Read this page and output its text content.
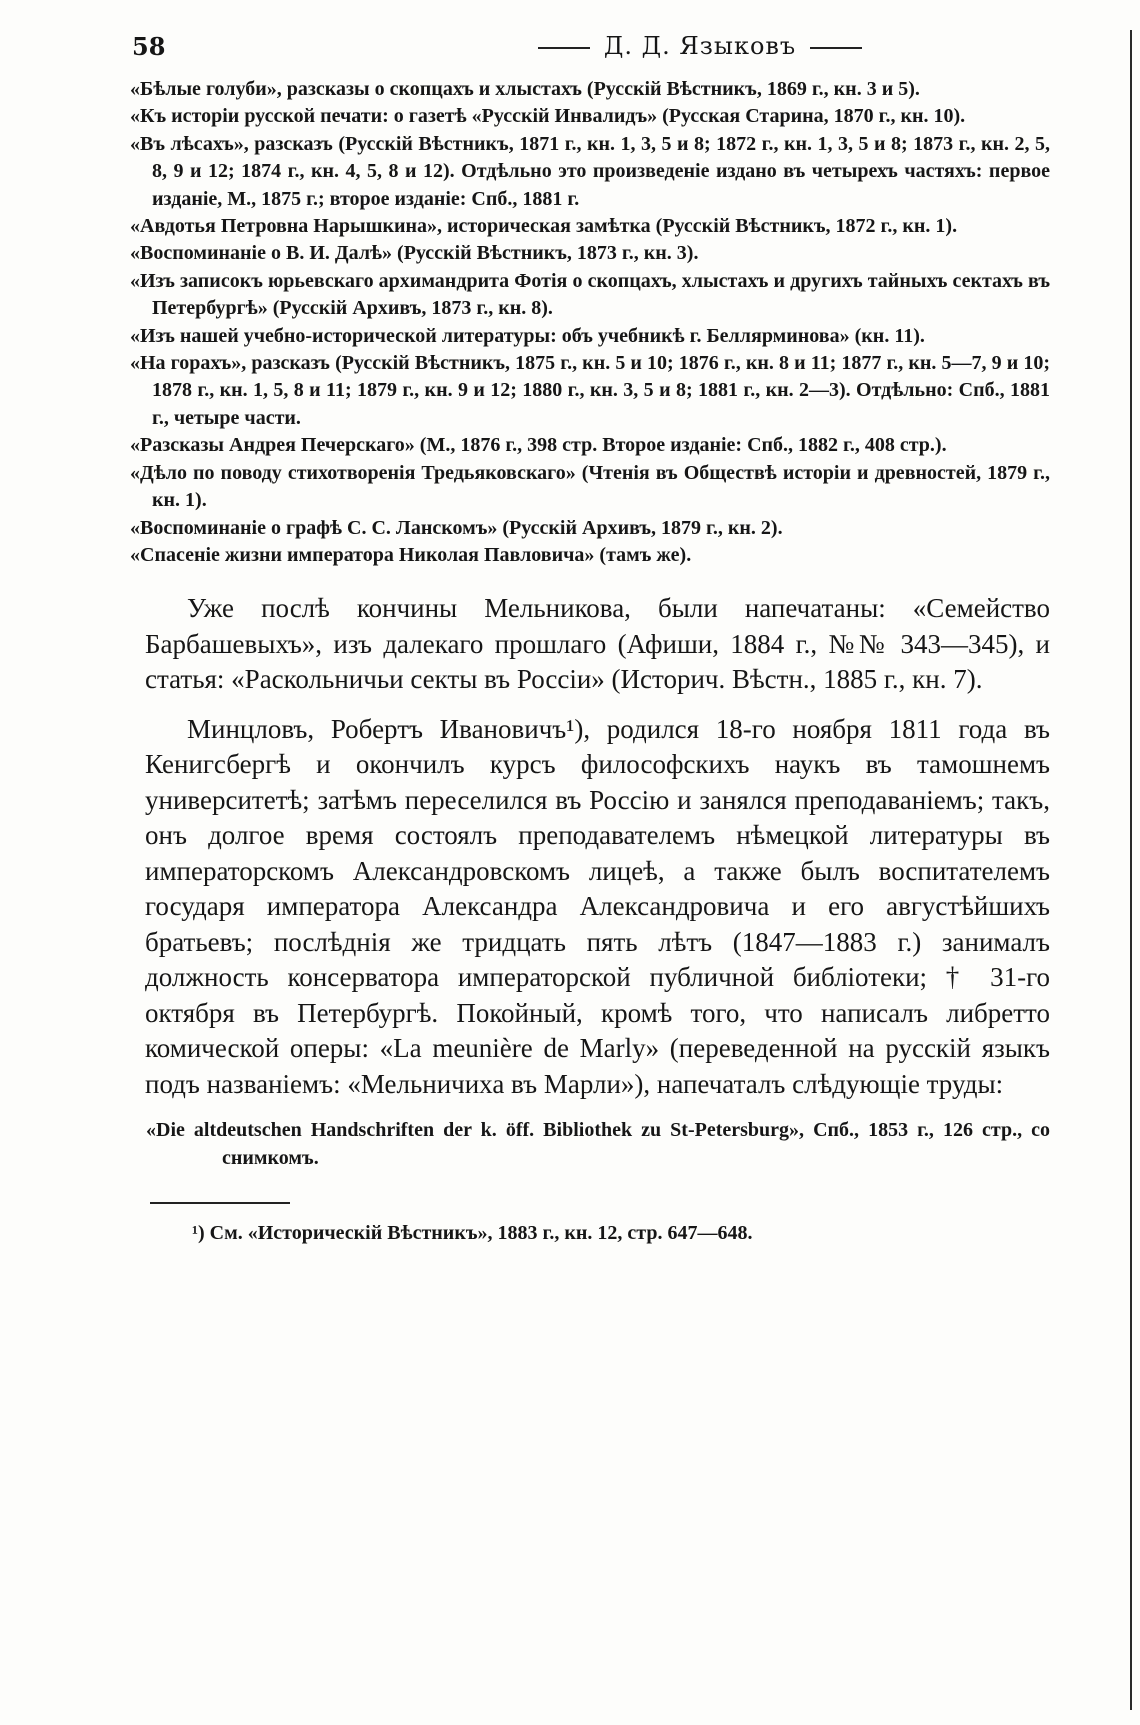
58	Д. Д. Языковъ

«Бѣлые голуби», разсказы о скопцахъ и хлыстахъ (Русскій Вѣстникъ, 1869 г., кн. 3 и 5).

«Къ исторіи русской печати: о газетѣ «Русскій Инвалидъ» (Русская Старина, 1870 г., кн. 10).

«Въ лѣсахъ», разсказъ (Русскій Вѣстникъ, 1871 г., кн. 1, 3, 5 и 8; 1872 г., кн. 1, 3, 5 и 8; 1873 г., кн. 2, 5, 8, 9 и 12; 1874 г., кн. 4, 5, 8 и 12). Отдѣльно это произведеніе издано въ четырехъ частяхъ: первое изданіе, М., 1875 г.; второе изданіе: Спб., 1881 г.

«Авдотья Петровна Нарышкина», историческая замѣтка (Русскій Вѣстникъ, 1872 г., кн. 1).

«Воспоминаніе о В. И. Далѣ» (Русскій Вѣстникъ, 1873 г., кн. 3).

«Изъ записокъ юрьевскаго архимандрита Фотія о скопцахъ, хлыстахъ и другихъ тайныхъ сектахъ въ Петербургѣ» (Русскій Архивъ, 1873 г., кн. 8).

«Изъ нашей учебно-исторической литературы: объ учебникѣ г. Беллярминова» (кн. 11).

«На горахъ», разсказъ (Русскій Вѣстникъ, 1875 г., кн. 5 и 10; 1876 г., кн. 8 и 11; 1877 г., кн. 5—7, 9 и 10; 1878 г., кн. 1, 5, 8 и 11; 1879 г., кн. 9 и 12; 1880 г., кн. 3, 5 и 8; 1881 г., кн. 2—3). Отдѣльно: Спб., 1881 г., четыре части.

«Разсказы Андрея Печерскаго» (М., 1876 г., 398 стр. Второе изданіе: Спб., 1882 г., 408 стр.).

«Дѣло по поводу стихотворенія Тредьяковскаго» (Чтенія въ Обществѣ исторіи и древностей, 1879 г., кн. 1).

«Воспоминаніе о графѣ С. С. Ланскомъ» (Русскій Архивъ, 1879 г., кн. 2).

«Спасеніе жизни императора Николая Павловича» (тамъ же).

Уже послѣ кончины Мельникова, были напечатаны: «Семейство Барбашевыхъ», изъ далекаго прошлаго (Афиши, 1884 г., №№ 343—345), и статья: «Раскольничьи секты въ Россіи» (Историч. Вѣстн., 1885 г., кн. 7).

Минцловъ, Робертъ Ивановичъ¹), родился 18-го ноября 1811 года въ Кенигсбергѣ и окончилъ курсъ философскихъ наукъ въ тамошнемъ университетѣ; затѣмъ переселился въ Россію и занялся преподаваніемъ; такъ, онъ долгое время состоялъ преподавателемъ нѣмецкой литературы въ императорскомъ Александровскомъ лицеѣ, а также былъ воспитателемъ государя императора Александра Александровича и его августѣйшихъ братьевъ; послѣднія же тридцать пять лѣтъ (1847—1883 г.) занималъ должность консерватора императорской публичной библіотеки; † 31-го октября въ Петербургѣ. Покойный, кромѣ того, что написалъ либретто комической оперы: «La meunière de Marly» (переведенной на русскій языкъ подъ названіемъ: «Мельничиха въ Марли»), напечаталъ слѣдующіе труды:

«Die altdeutschen Handschriften der k. öff. Bibliothek zu St-Petersburg», Спб., 1853 г., 126 стр., со снимкомъ.

¹) См. «Историческій Вѣстникъ», 1883 г., кн. 12, стр. 647—648.
